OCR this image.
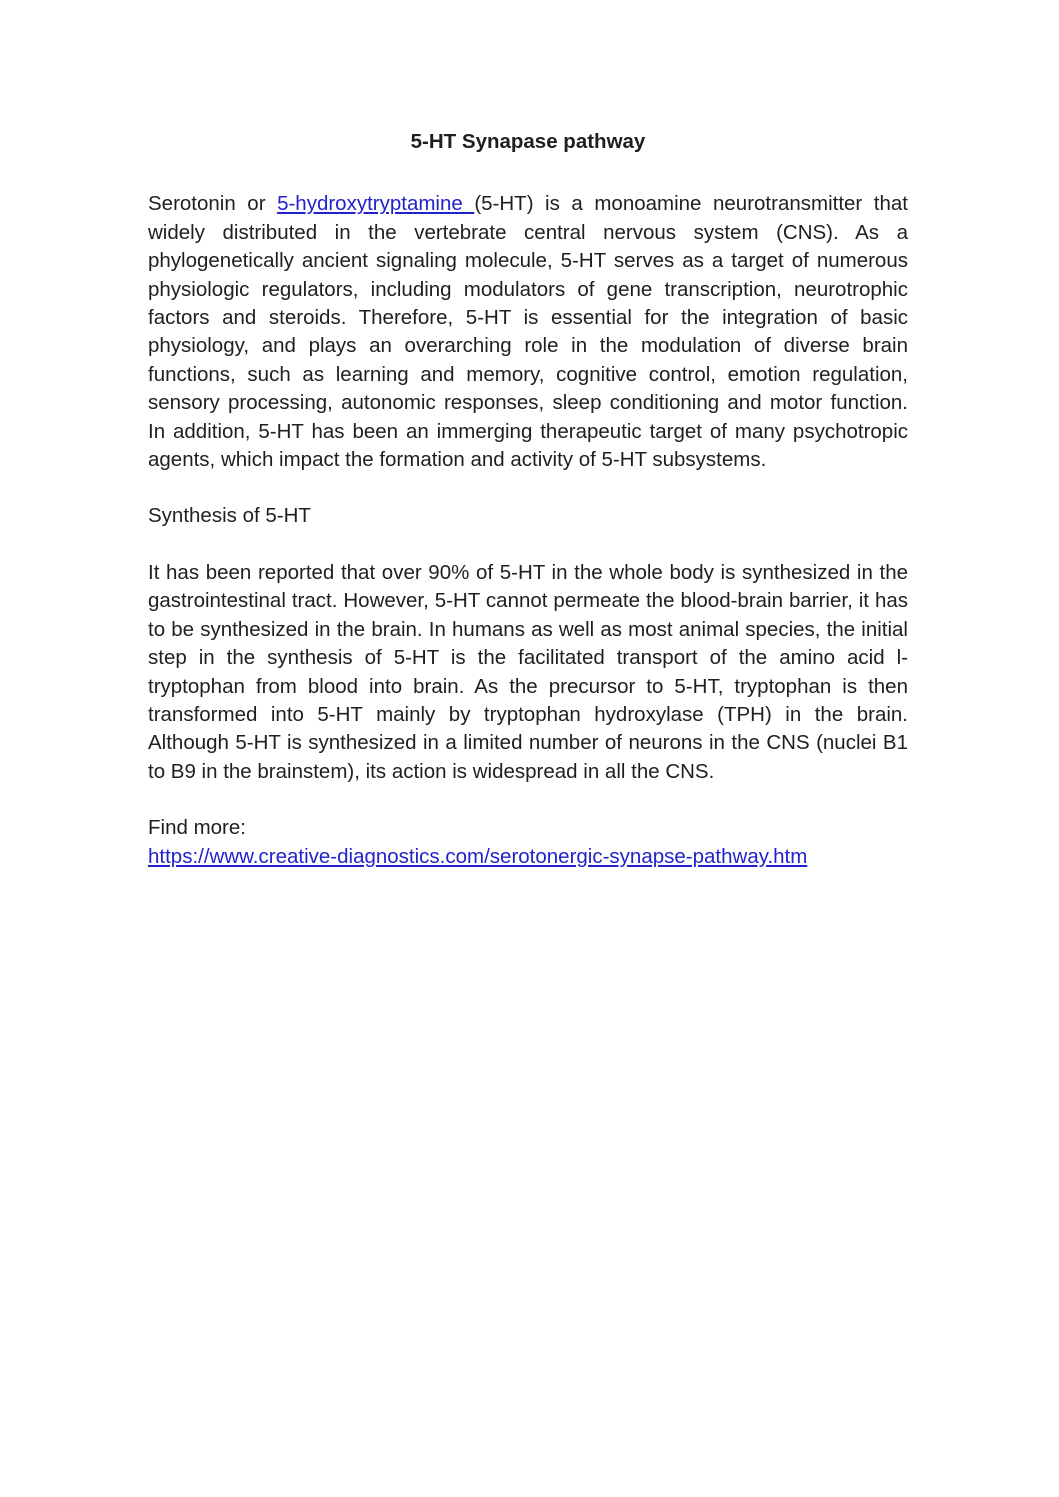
5-HT Synapase pathway

Serotonin or 5-hydroxytryptamine (5-HT) is a monoamine neurotransmitter that widely distributed in the vertebrate central nervous system (CNS). As a phylogenetically ancient signaling molecule, 5-HT serves as a target of numerous physiologic regulators, including modulators of gene transcription, neurotrophic factors and steroids. Therefore, 5-HT is essential for the integration of basic physiology, and plays an overarching role in the modulation of diverse brain functions, such as learning and memory, cognitive control, emotion regulation, sensory processing, autonomic responses, sleep conditioning and motor function. In addition, 5-HT has been an immerging therapeutic target of many psychotropic agents, which impact the formation and activity of 5-HT subsystems.

Synthesis of 5-HT

It has been reported that over 90% of 5-HT in the whole body is synthesized in the gastrointestinal tract. However, 5-HT cannot permeate the blood-brain barrier, it has to be synthesized in the brain. In humans as well as most animal species, the initial step in the synthesis of 5-HT is the facilitated transport of the amino acid l-tryptophan from blood into brain. As the precursor to 5-HT, tryptophan is then transformed into 5-HT mainly by tryptophan hydroxylase (TPH) in the brain. Although 5-HT is synthesized in a limited number of neurons in the CNS (nuclei B1 to B9 in the brainstem), its action is widespread in all the CNS.

Find more:
https://www.creative-diagnostics.com/serotonergic-synapse-pathway.htm
